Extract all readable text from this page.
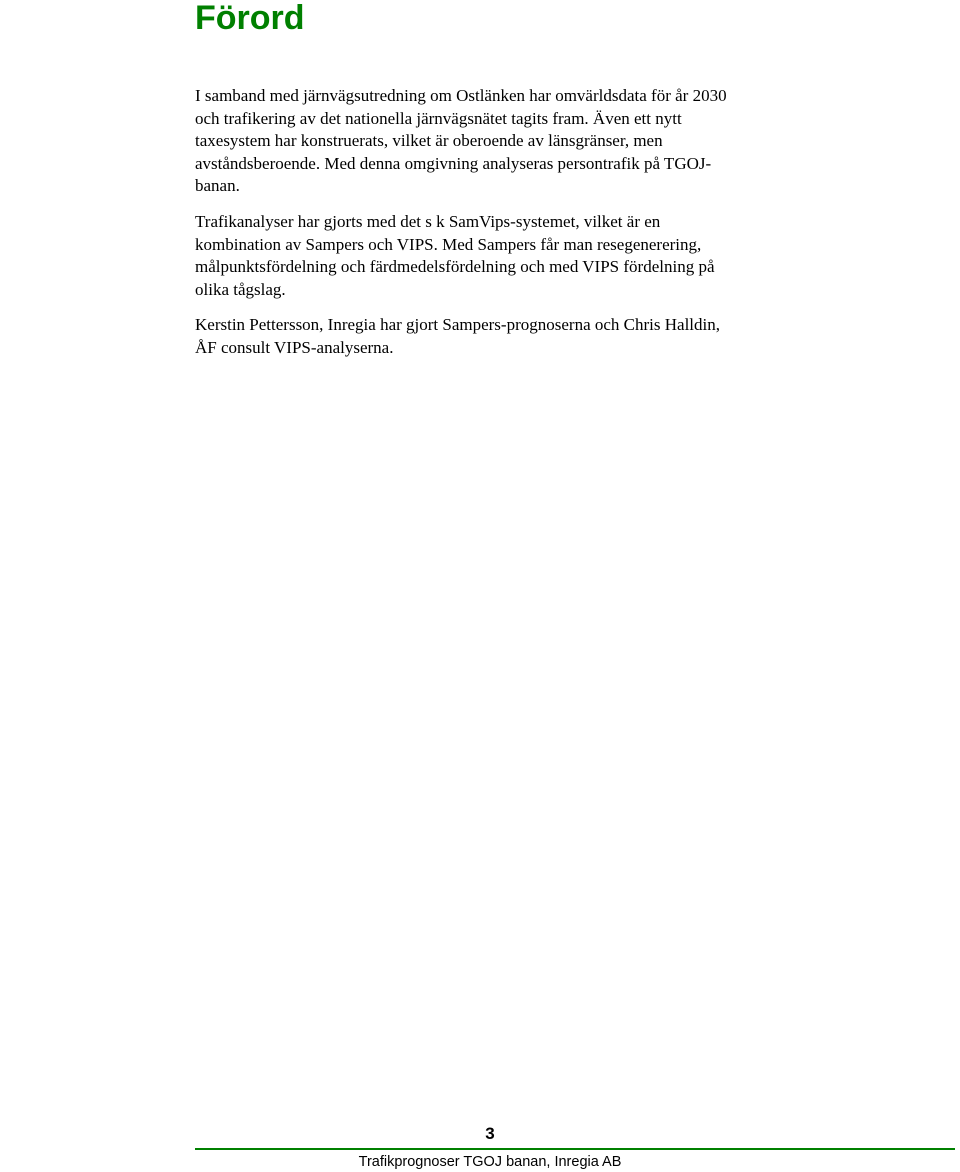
Förord

I samband med järnvägsutredning om Ostlänken har omvärldsdata för år 2030
och trafikering av det nationella järnvägsnätet tagits fram. Även ett nytt
taxesystem har konstruerats, vilket är oberoende av länsgränser, men
avståndsberoende. Med denna omgivning analyseras persontrafik på TGOJ-
banan.

Trafikanalyser har gjorts med det s k SamVips-systemet, vilket är en
kombination av Sampers och VIPS. Med Sampers får man resegenerering,
målpunktsfördelning och färdmedelsfördelning och med VIPS fördelning på
olika tågslag.

Kerstin Pettersson, Inregia har gjort Sampers-prognoserna och Chris Halldin,
ÅF consult VIPS-analyserna.

3
Trafikprognoser TGOJ banan, Inregia AB
